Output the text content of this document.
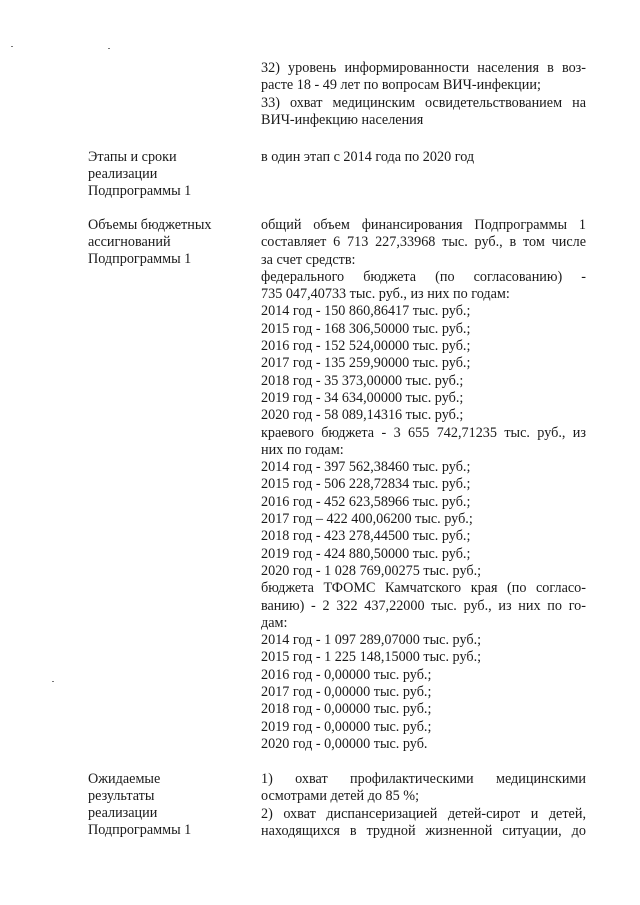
32) уровень информированности населения в воз-
расте 18 - 49 лет по вопросам ВИЧ-инфекции;
33) охват медицинским освидетельствованием на
ВИЧ-инфекцию населения
Этапы и сроки
реализации
Подпрограммы 1
в один этап с 2014 года по 2020 год
Объемы бюджетных
ассигнований
Подпрограммы 1
общий объем финансирования Подпрограммы 1
составляет 6 713 227,33968 тыс. руб., в том числе
за счет средств:
федерального бюджета (по согласованию) -
735 047,40733 тыс. руб., из них по годам:
2014 год - 150 860,86417 тыс. руб.;
2015 год - 168 306,50000 тыс. руб.;
2016 год - 152 524,00000 тыс. руб.;
2017 год - 135 259,90000 тыс. руб.;
2018 год - 35 373,00000 тыс. руб.;
2019 год - 34 634,00000 тыс. руб.;
2020 год - 58 089,14316 тыс. руб.;
краевого бюджета - 3 655 742,71235 тыс. руб., из
них по годам:
2014 год - 397 562,38460 тыс. руб.;
2015 год - 506 228,72834 тыс. руб.;
2016 год - 452 623,58966 тыс. руб.;
2017 год – 422 400,06200 тыс. руб.;
2018 год - 423 278,44500 тыс. руб.;
2019 год - 424 880,50000 тыс. руб.;
2020 год - 1 028 769,00275 тыс. руб.;
бюджета ТФОМС Камчатского края (по согласо-
ванию) - 2 322 437,22000 тыс. руб., из них по го-
дам:
2014 год - 1 097 289,07000 тыс. руб.;
2015 год - 1 225 148,15000 тыс. руб.;
2016 год - 0,00000 тыс. руб.;
2017 год - 0,00000 тыс. руб.;
2018 год - 0,00000 тыс. руб.;
2019 год - 0,00000 тыс. руб.;
2020 год - 0,00000 тыс. руб.
Ожидаемые
результаты
реализации
Подпрограммы 1
1) охват профилактическими медицинскими
осмотрами детей до 85 %;
2) охват диспансеризацией детей-сирот и детей,
находящихся в трудной жизненной ситуации, до
